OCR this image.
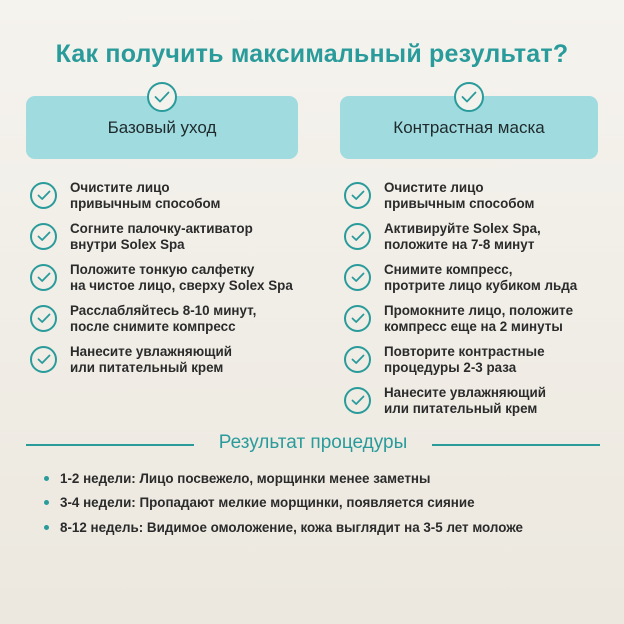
Как получить максимальный результат?
Базовый уход
Очистите лицо
привычным способом
Согните палочку-активатор
внутри Solex Spa
Положите тонкую салфетку
на чистое лицо, сверху Solex Spa
Расслабляйтесь 8-10 минут,
после снимите компресс
Нанесите увлажняющий
или питательный крем
Контрастная маска
Очистите лицо
привычным способом
Активируйте Solex Spa,
положите на 7-8 минут
Снимите компресс,
протрите лицо кубиком льда
Промокните лицо, положите
компресс еще на 2 минуты
Повторите контрастные
процедуры 2-3 раза
Нанесите увлажняющий
или питательный крем
Результат процедуры
1-2 недели: Лицо посвежело, морщинки менее заметны
3-4 недели: Пропадают мелкие морщинки, появляется сияние
8-12 недель: Видимое омоложение, кожа выглядит на 3-5 лет моложе
